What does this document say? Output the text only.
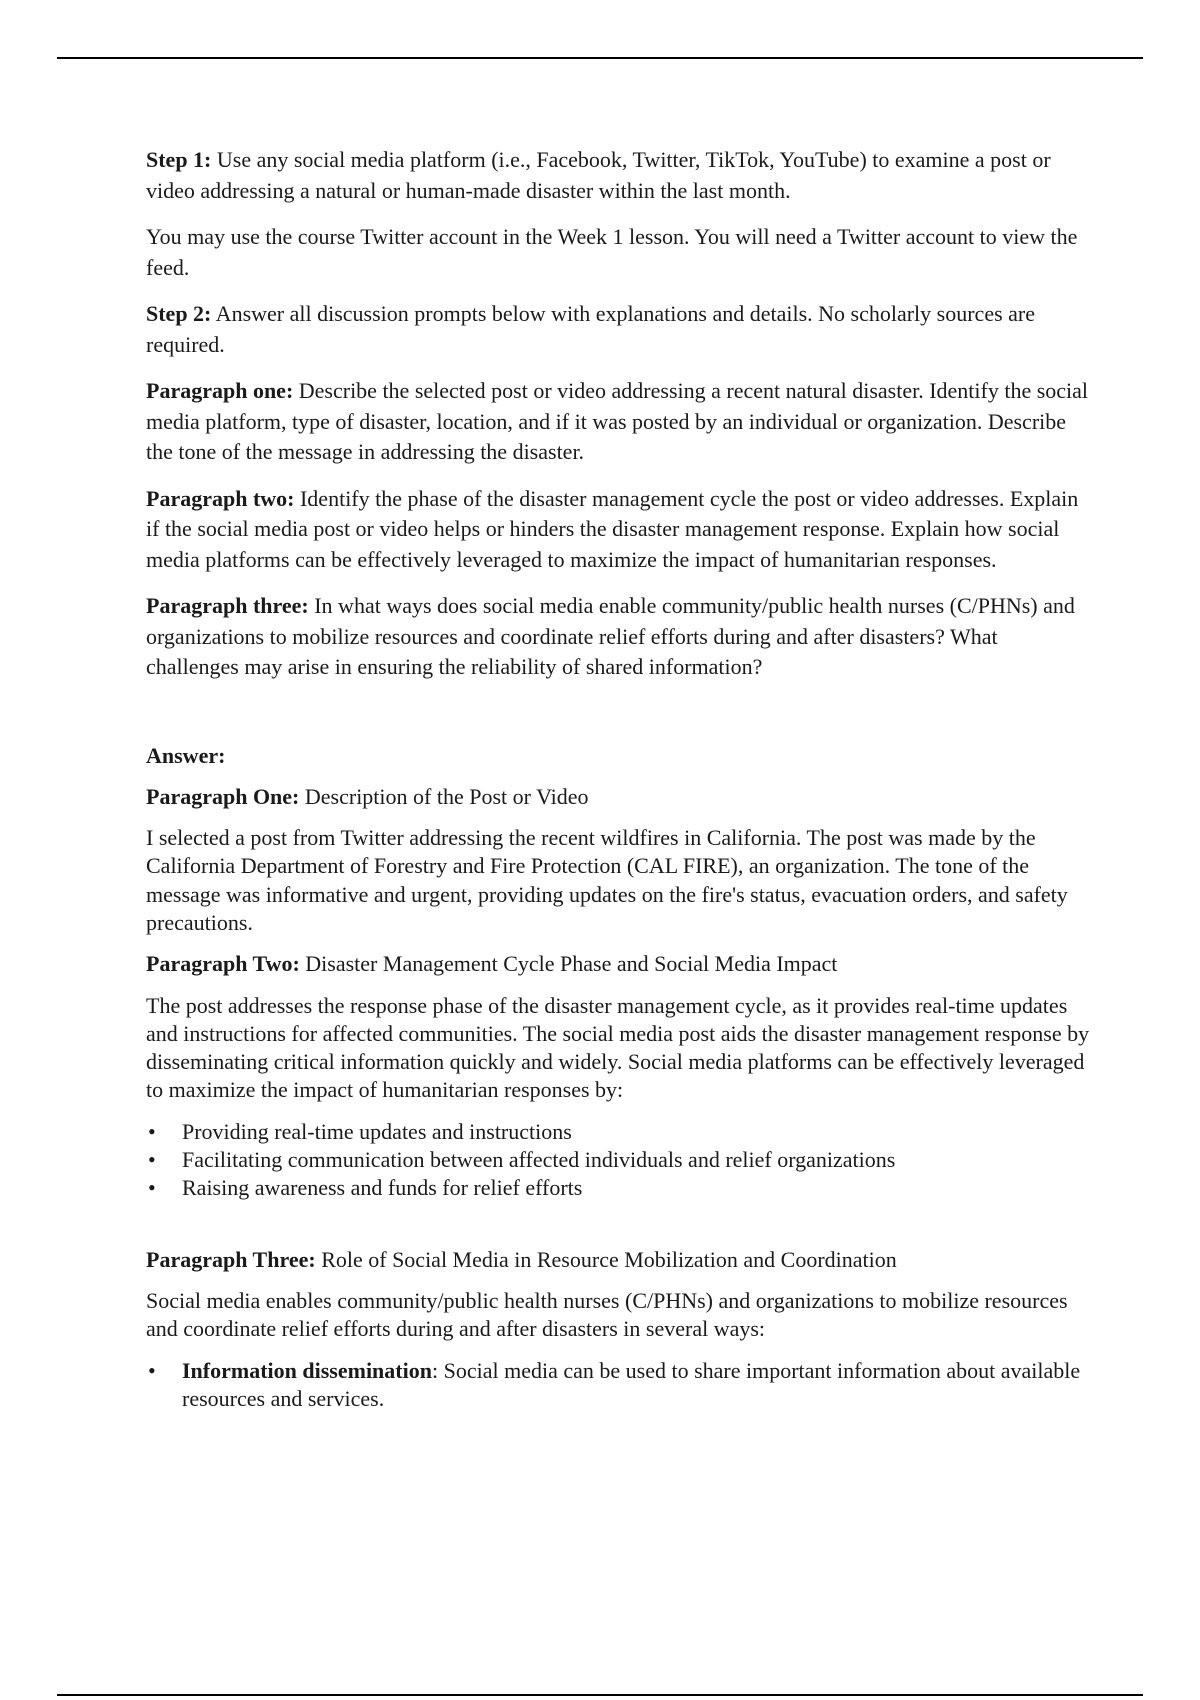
Step 1: Use any social media platform (i.e., Facebook, Twitter, TikTok, YouTube) to examine a post or video addressing a natural or human-made disaster within the last month.

You may use the course Twitter account in the Week 1 lesson. You will need a Twitter account to view the feed.

Step 2: Answer all discussion prompts below with explanations and details. No scholarly sources are required.

Paragraph one: Describe the selected post or video addressing a recent natural disaster. Identify the social media platform, type of disaster, location, and if it was posted by an individual or organization. Describe the tone of the message in addressing the disaster.

Paragraph two: Identify the phase of the disaster management cycle the post or video addresses. Explain if the social media post or video helps or hinders the disaster management response. Explain how social media platforms can be effectively leveraged to maximize the impact of humanitarian responses.

Paragraph three: In what ways does social media enable community/public health nurses (C/PHNs) and organizations to mobilize resources and coordinate relief efforts during and after disasters? What challenges may arise in ensuring the reliability of shared information?

Answer:

Paragraph One: Description of the Post or Video

I selected a post from Twitter addressing the recent wildfires in California. The post was made by the California Department of Forestry and Fire Protection (CAL FIRE), an organization. The tone of the message was informative and urgent, providing updates on the fire's status, evacuation orders, and safety precautions.

Paragraph Two: Disaster Management Cycle Phase and Social Media Impact

The post addresses the response phase of the disaster management cycle, as it provides real-time updates and instructions for affected communities. The social media post aids the disaster management response by disseminating critical information quickly and widely. Social media platforms can be effectively leveraged to maximize the impact of humanitarian responses by:

• Providing real-time updates and instructions
• Facilitating communication between affected individuals and relief organizations
• Raising awareness and funds for relief efforts

Paragraph Three: Role of Social Media in Resource Mobilization and Coordination

Social media enables community/public health nurses (C/PHNs) and organizations to mobilize resources and coordinate relief efforts during and after disasters in several ways:

• Information dissemination: Social media can be used to share important information about available resources and services.
